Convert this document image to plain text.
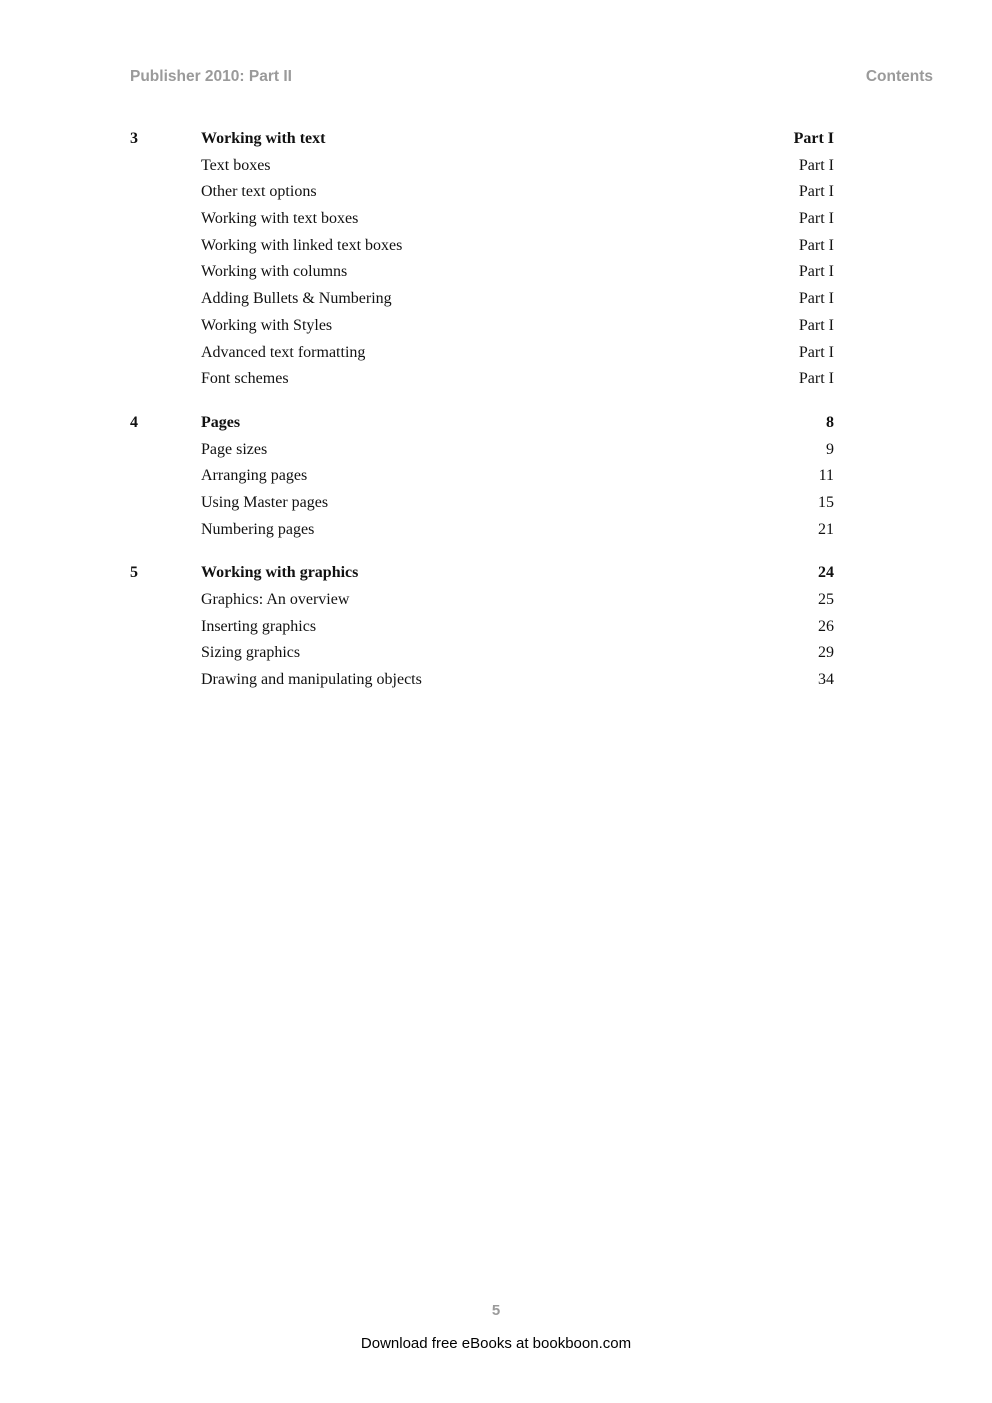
Publisher 2010: Part II	Contents
3	Working with text	Part I
Text boxes	Part I
Other text options	Part I
Working with text boxes	Part I
Working with linked text boxes	Part I
Working with columns	Part I
Adding Bullets & Numbering	Part I
Working with Styles	Part I
Advanced text formatting	Part I
Font schemes	Part I
4	Pages	8
Page sizes	9
Arranging pages	11
Using Master pages	15
Numbering pages	21
5	Working with graphics	24
Graphics: An overview	25
Inserting graphics	26
Sizing graphics	29
Drawing and manipulating objects	34
5
Download free eBooks at bookboon.com
